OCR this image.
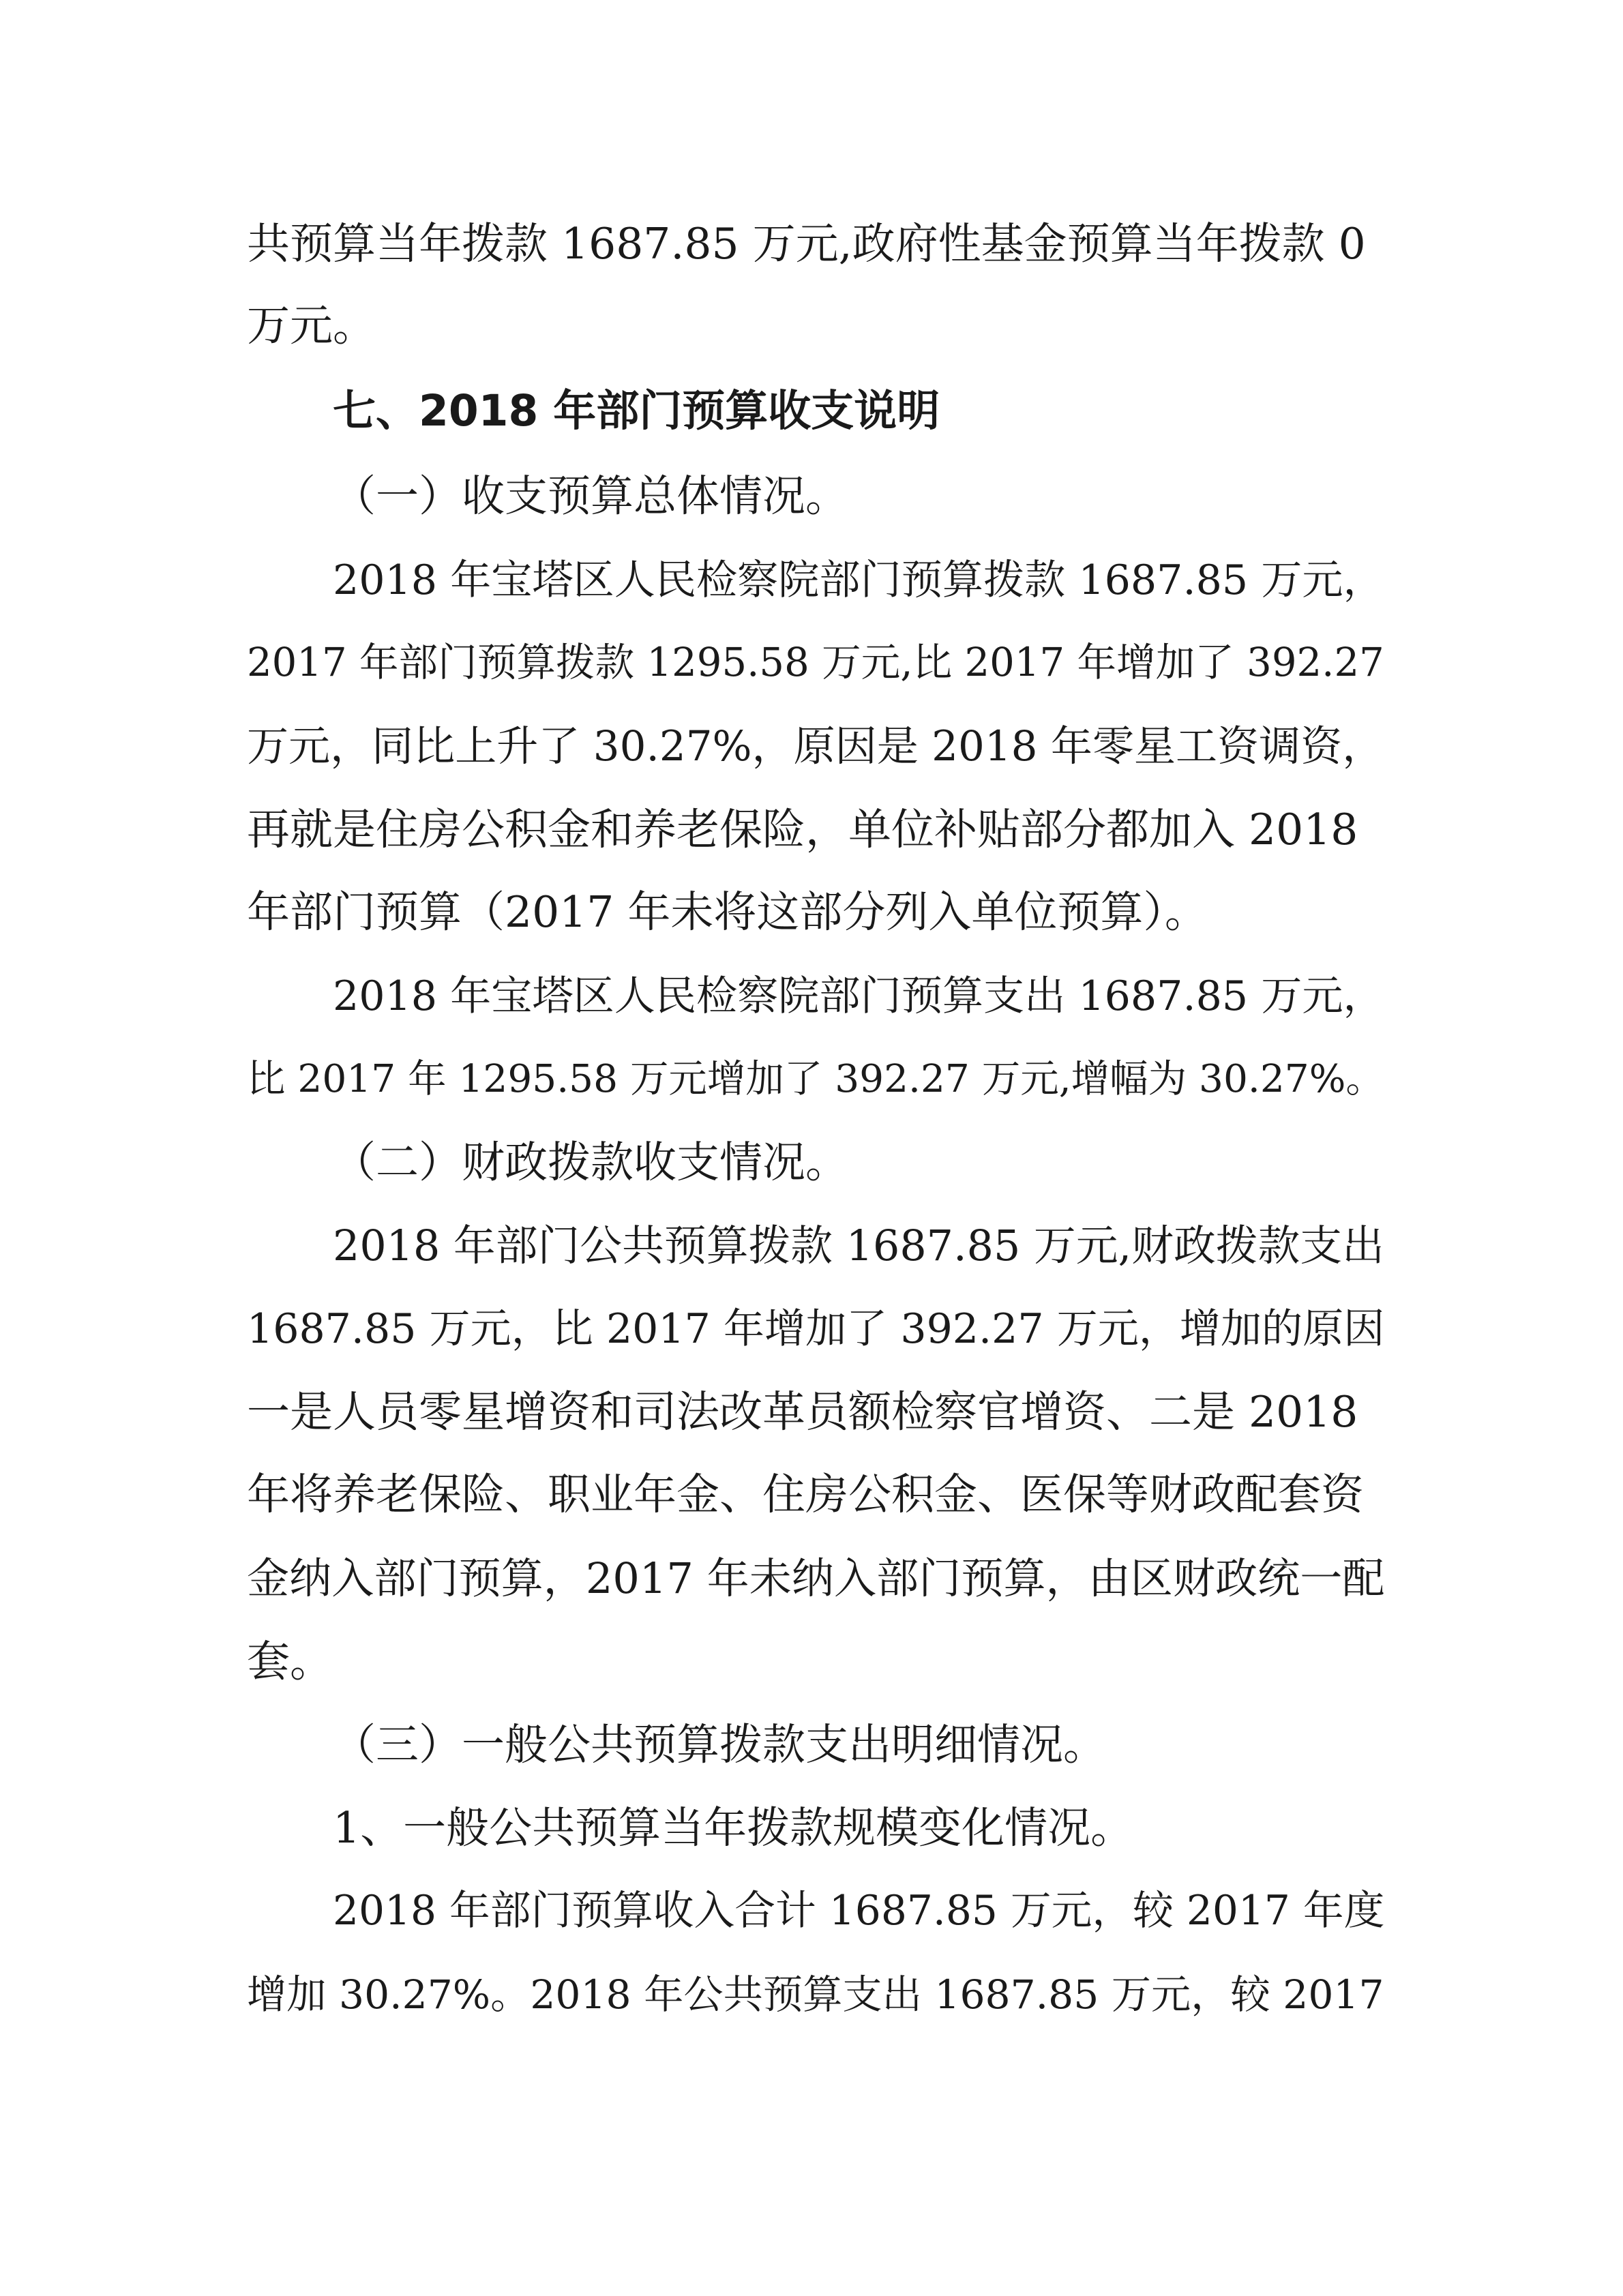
共预算当年拨款 1687.85 万元,政府性基金预算当年拨款 0

万元。

七、2018 年部门预算收支说明

（一）收支预算总体情况。

2018 年宝塔区人民检察院部门预算拨款 1687.85 万元，

2017 年部门预算拨款 1295.58 万元,比 2017 年增加了 392.27

万元，同比上升了 30.27%，原因是 2018 年零星工资调资，

再就是住房公积金和养老保险，单位补贴部分都加入 2018

年部门预算（2017 年未将这部分列入单位预算）。

2018 年宝塔区人民检察院部门预算支出 1687.85 万元，

比 2017 年 1295.58 万元增加了 392.27 万元,增幅为 30.27%。

（二）财政拨款收支情况。

2018 年部门公共预算拨款 1687.85 万元,财政拨款支出

1687.85 万元，比 2017 年增加了 392.27 万元，增加的原因

一是人员零星增资和司法改革员额检察官增资、二是 2018

年将养老保险、职业年金、住房公积金、医保等财政配套资

金纳入部门预算，2017 年未纳入部门预算，由区财政统一配

套。

（三）一般公共预算拨款支出明细情况。

1、一般公共预算当年拨款规模变化情况。

2018 年部门预算收入合计 1687.85 万元，较 2017 年度

增加 30.27%。2018 年公共预算支出 1687.85 万元，较 2017
